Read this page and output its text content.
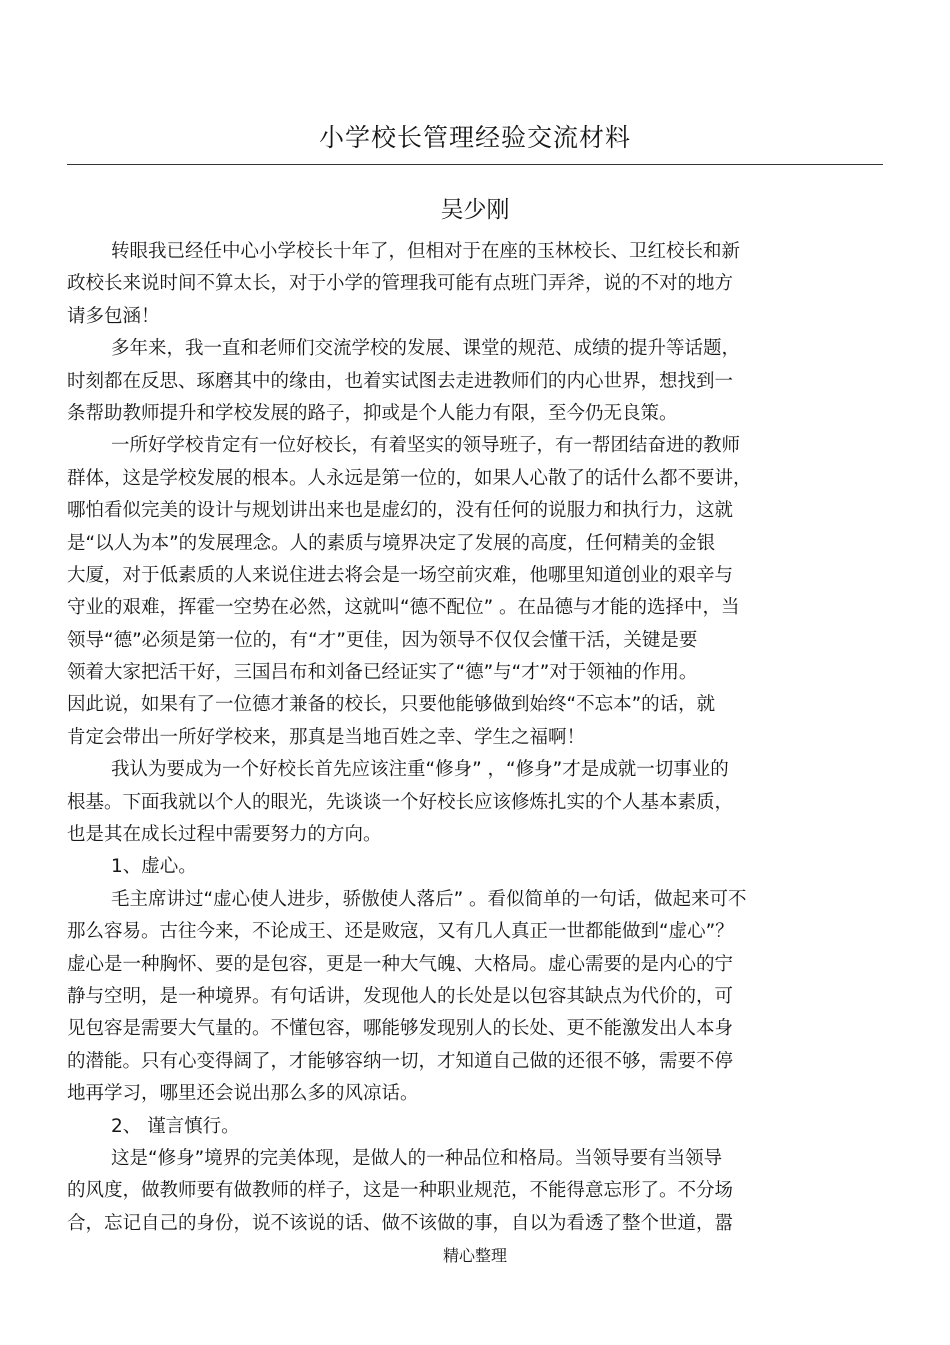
小学校长管理经验交流材料
吴少刚
转眼我已经任中心小学校长十年了，但相对于在座的玉林校长、卫红校长和新
政校长来说时间不算太长，对于小学的管理我可能有点班门弄斧，说的不对的地方
请多包涵！
多年来，我一直和老师们交流学校的发展、课堂的规范、成绩的提升等话题，
时刻都在反思、琢磨其中的缘由，也着实试图去走进教师们的内心世界，想找到一
条帮助教师提升和学校发展的路子，抑或是个人能力有限，至今仍无良策。
一所好学校肯定有一位好校长，有着坚实的领导班子，有一帮团结奋进的教师
群体，这是学校发展的根本。人永远是第一位的，如果人心散了的话什么都不要讲，
哪怕看似完美的设计与规划讲出来也是虚幻的，没有任何的说服力和执行力，这就
是“以人为本”的发展理念。人的素质与境界决定了发展的高度，任何精美的金银
大厦，对于低素质的人来说住进去将会是一场空前灾难，他哪里知道创业的艰辛与
守业的艰难，挥霍一空势在必然，这就叫“德不配位” 。在品德与才能的选择中，当
领导“德”必须是第一位的，有“才”更佳，因为领导不仅仅会懂干活，关键是要
领着大家把活干好，三国吕布和刘备已经证实了“德”与“才”对于领袖的作用。
因此说，如果有了一位德才兼备的校长，只要他能够做到始终“不忘本”的话，就
肯定会带出一所好学校来，那真是当地百姓之幸、学生之福啊！
我认为要成为一个好校长首先应该注重“修身” ，“修身”才是成就一切事业的
根基。下面我就以个人的眼光，先谈谈一个好校长应该修炼扎实的个人基本素质，
也是其在成长过程中需要努力的方向。
1、虚心。
毛主席讲过“虚心使人进步，骄傲使人落后” 。看似简单的一句话，做起来可不
那么容易。古往今来，不论成王、还是败寇，又有几人真正一世都能做到“虚心”？
虚心是一种胸怀、要的是包容，更是一种大气魄、大格局。虚心需要的是内心的宁
静与空明，是一种境界。有句话讲，发现他人的长处是以包容其缺点为代价的，可
见包容是需要大气量的。不懂包容，哪能够发现别人的长处、更不能激发出人本身
的潜能。只有心变得阔了，才能够容纳一切，才知道自己做的还很不够，需要不停
地再学习，哪里还会说出那么多的风凉话。
2、 谨言慎行。
这是“修身”境界的完美体现，是做人的一种品位和格局。当领导要有当领导
的风度，做教师要有做教师的样子，这是一种职业规范，不能得意忘形了。不分场
合，忘记自己的身份，说不该说的话、做不该做的事，自以为看透了整个世道，嚣
精心整理
